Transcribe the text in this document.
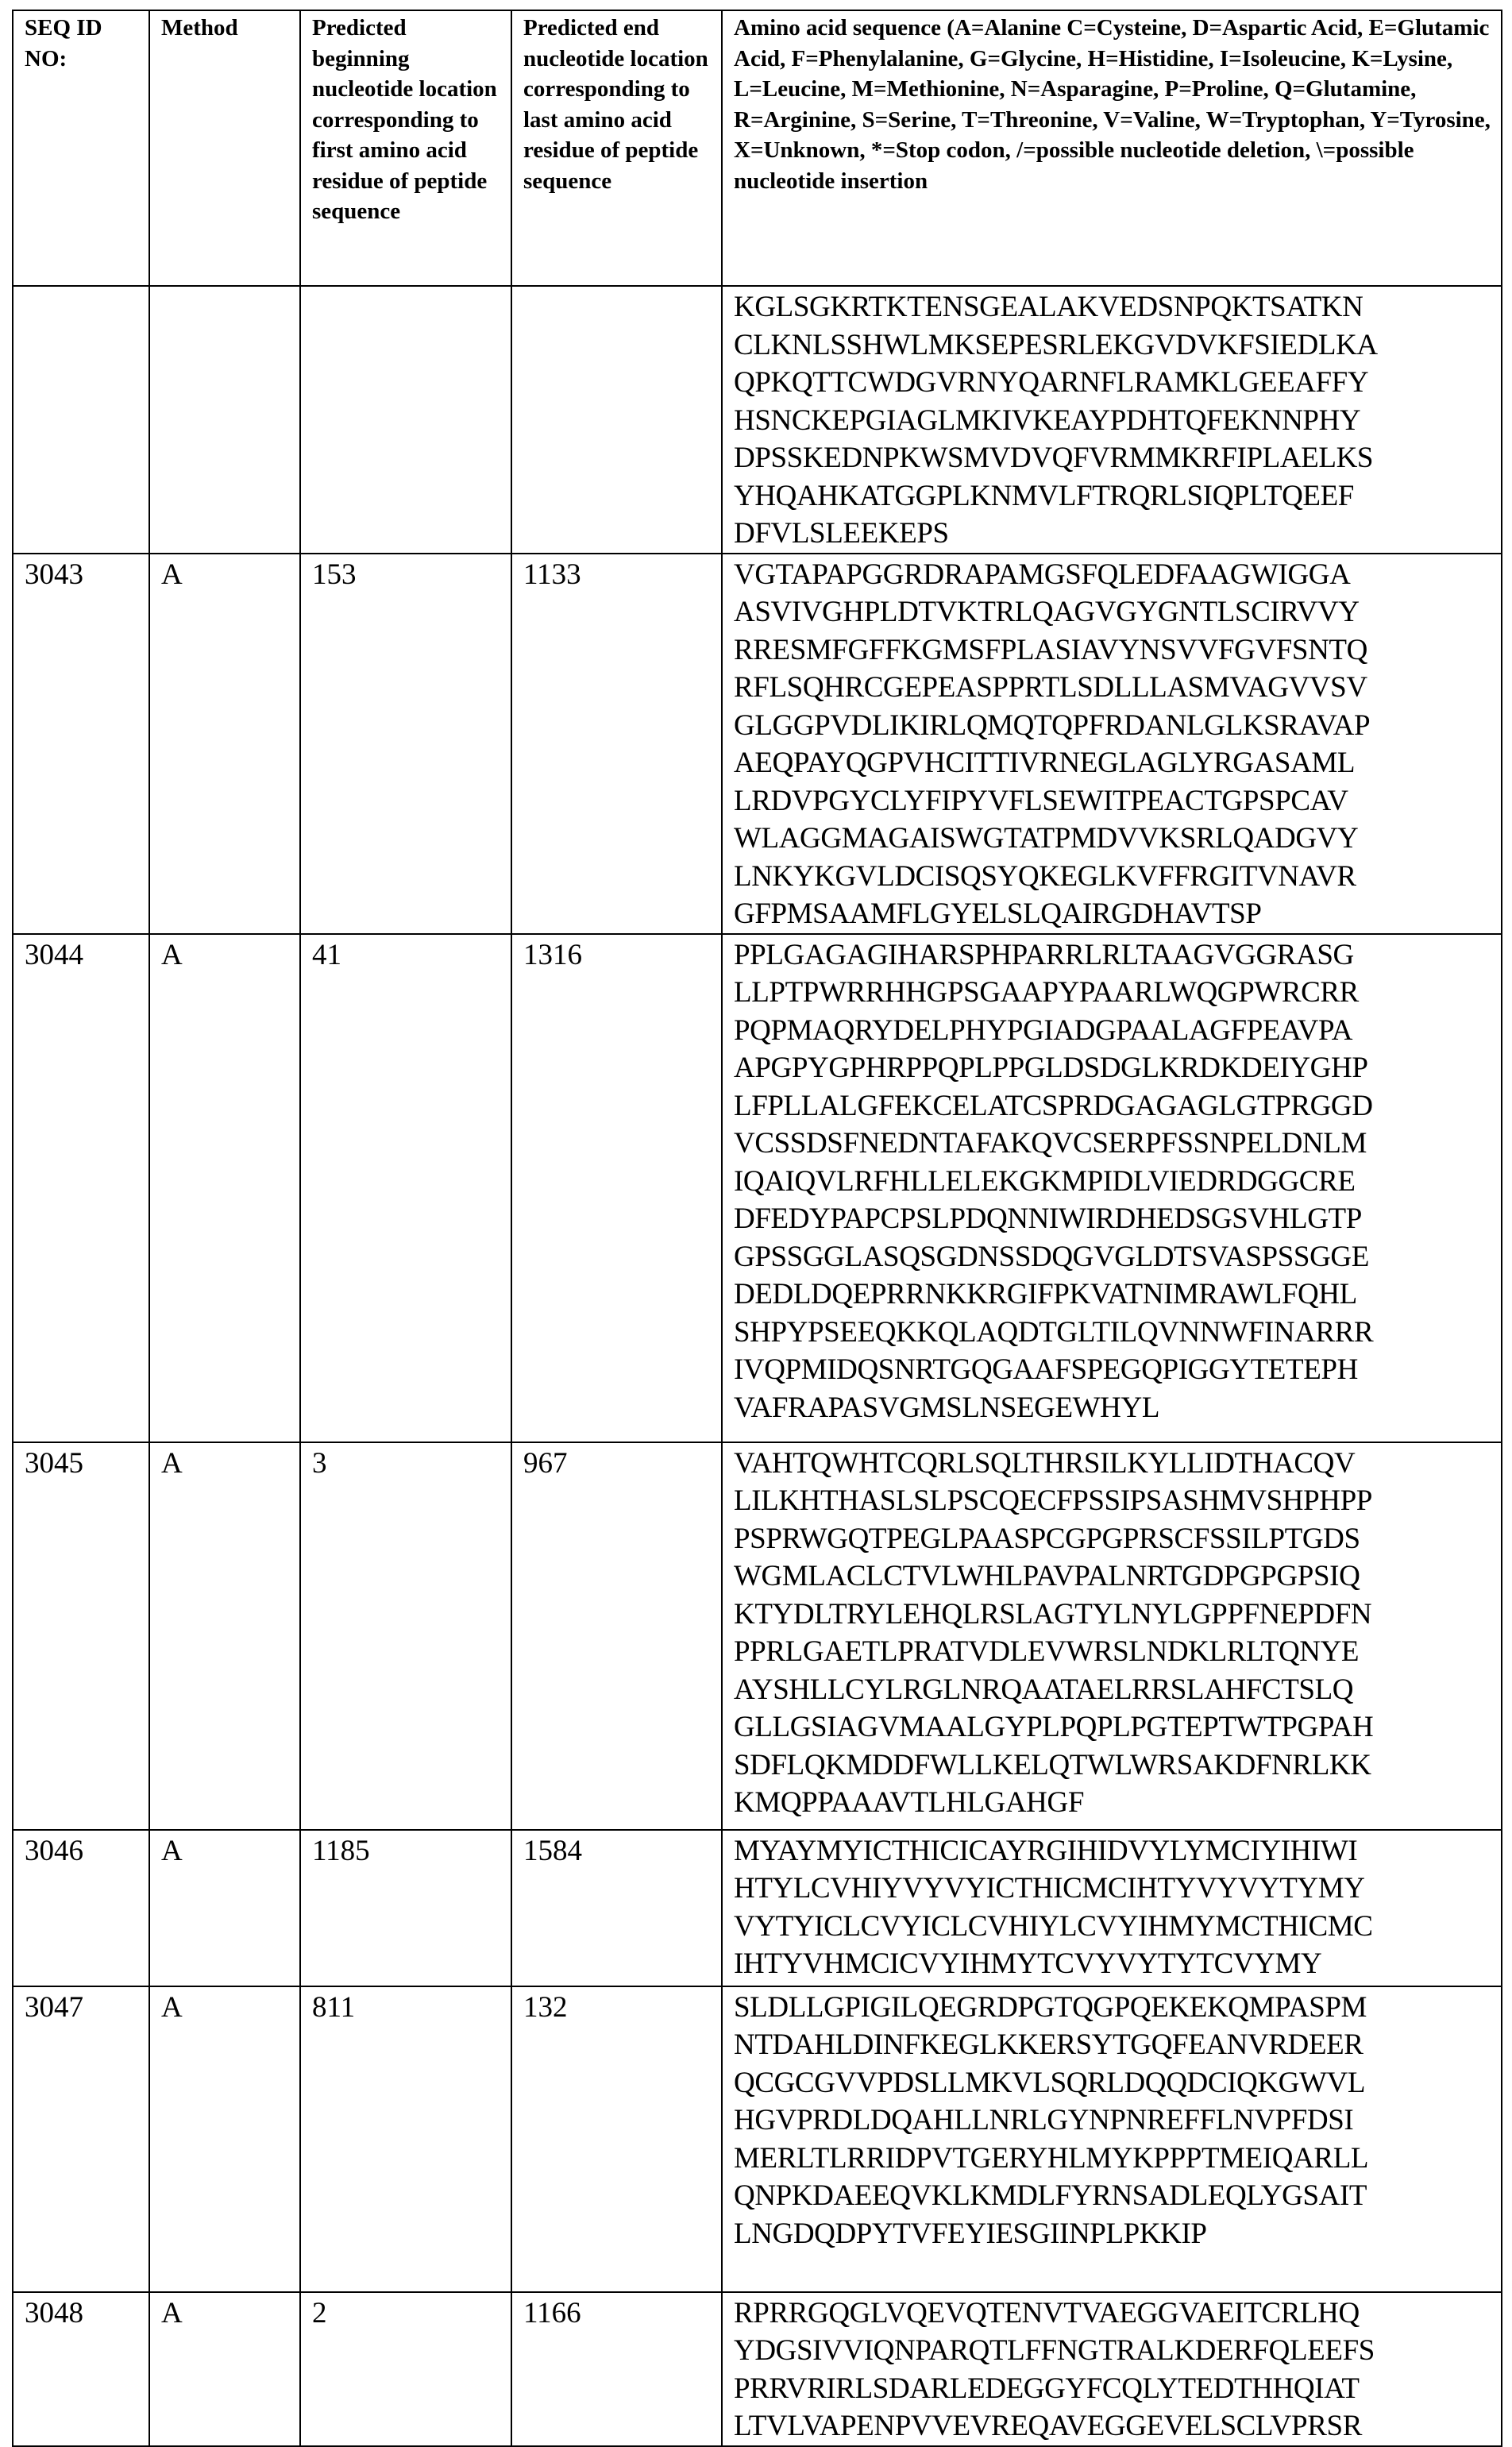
SEQ ID NO:	Method	Predicted beginning nucleotide location corresponding to first amino acid residue of peptide sequence	Predicted end nucleotide location corresponding to last amino acid residue of peptide sequence	Amino acid sequence (A=Alanine C=Cysteine, D=Aspartic Acid, E=Glutamic Acid, F=Phenylalanine, G=Glycine, H=Histidine, I=Isoleucine, K=Lysine, L=Leucine, M=Methionine, N=Asparagine, P=Proline, Q=Glutamine, R=Arginine, S=Serine, T=Threonine, V=Valine, W=Tryptophan, Y=Tyrosine, X=Unknown, *=Stop codon, /=possible nucleotide deletion, \=possible nucleotide insertion

KGLSGKRTKTENSGEALAKVEDSNPQKTSATKN
CLKNLSSHWLMKSEPESRLEKGVDVKFSIEDLKA
QPKQTTCWDGVRNYQARNFLRAMKLGEEAFFY
HSNCKEPGIAGLMKIVKEAYPDHTQFEKNNPHY
DPSSKEDNPKWSMVDVQFVRMMKRFIPLAELKS
YHQAHKATGGPLKNMVLFTRQRLSIQPLTQEEF
DFVLSLEEKEPS

3043	A	153	1133	VGTAPAPGGRDRAPAMGSFQLEDFAAGWIGGA
ASVIVGHPLDTVKTRLQAGVGYGNTLSCIRVVY
RRESMFGFFKGMSFPLASIAVYNSVVFGVFSNTQ
RFLSQHRCGEPEASPPRTLSDLLLASMVAGVVSV
GLGGPVDLIKIRLQMQTQPFRDANLGLKSRAVAP
AEQPAYQGPVHCITTIVRNEGLAGLYRGASAML
LRDVPGYCLYFIPYVFLSEWITPEACTGPSPCAV
WLAGGMAGAISWGTATPMDVVKSRLQADGVY
LNKYKGVLDCISQSYQKEGLKVFFRGITVNAVR
GFPMSAAMFLGYELSLQAIRGDHAVTSP

3044	A	41	1316	PPLGAGAGIHARSPHPARRLRLTAAGVGGRASG
LLPTPWRRHHGPSGAAPYPAARLWQGPWRCRR
PQPMAQRYDELPHYPGIADGPAALAGFPEAVPA
APGPYGPHRPPQPLPPGLDSDGLKRDKDEIYGHP
LFPLLALGFEKCELATCSPRDGAGAGLGTPRGGD
VCSSDSFNEDNTAFAKQVCSERPFSSNPELDNLM
IQAIQVLRFHLLELEKGKMPIDLVIEDRDGGCRE
DFEDYPAPCPSLPDQNNIWIRDHEDSGSVHLGTP
GPSSGGLASQSGDNSSDQGVGLDTSVASPSSGGE
DEDLDQEPRRNKKRGIFPKVATNIMRAWLFQHL
SHPYPSEEQKKQLAQDTGLTILQVNNWFINARRR
IVQPMIDQSNRTGQGAAFSPEGQPIGGYTETEPH
VAFRAPASVGMSLNSEGEWHYL

3045	A	3	967	VAHTQWHTCQRLSQLTHRSILKYLLIDTHACQV
LILKHTHASLSLPSCQECFPSSIPSASHMVSHPHPP
PSPRWGQTPEGLPAASPCGPGPRSCFSSILPTGDS
WGMLACLCTVLWHLPAVPALNRTGDPGPGPSIQ
KTYDLTRYLEHQLRSLAGTYLNYLGPPFNEPDFN
PPRLGAETLPRATVDLEVWRSLNDKLRLTQNYE
AYSHLLCYLRGLNRQAATAELRRSLAHFCTSLQ
GLLGSIAGVMAALGYPLPQPLPGTEPTWTPGPAH
SDFLQKMDDFWLLKELQTWLWRSAKDFNRLKK
KMQPPAAAVTLHLGAHGF

3046	A	1185	1584	MYAYMYICTHICICAYRGIHIDVYLYMCIYIHIWI
HTYLCVHIYVYVYICTHICMCIHTYVYVYTYMY
VYTYICLCVYICLCVHIYLCVYIHMYMCTHICMC
IHTYVHMCICVYIHMYTCVYVYTYTCVYMY

3047	A	811	132	SLDLLGPIGILQEGRDPGTQGPQEKEKQMPASPM
NTDAHLDINFKEGLKKERSYTGQFEANVRDEER
QCGCGVVPDSLLMKVLSQRLDQQDCIQKGWVL
HGVPRDLDQAHLLNRLGYNPNREFFLNVPFDSI
MERLTLRRIDPVTGERYHLMYKPPPTMEIQARLL
QNPKDAEEQVKLKMDLFYRNSADLEQLYGSAIT
LNGDQDPYTVFEYIESGIINPLPKKIP

3048	A	2	1166	RPRRGQGLVQEVQTENVTVAEGGVAEITCRLHQ
YDGSIVVIQNPARQTLFFNGTRALKDERFQLEEFS
PRRVRIRLSDARLEDEGGYFCQLYTEDTHHQIAT
LTVLVAPENPVVEVREQAVEGGEVELSCLVPRSR
